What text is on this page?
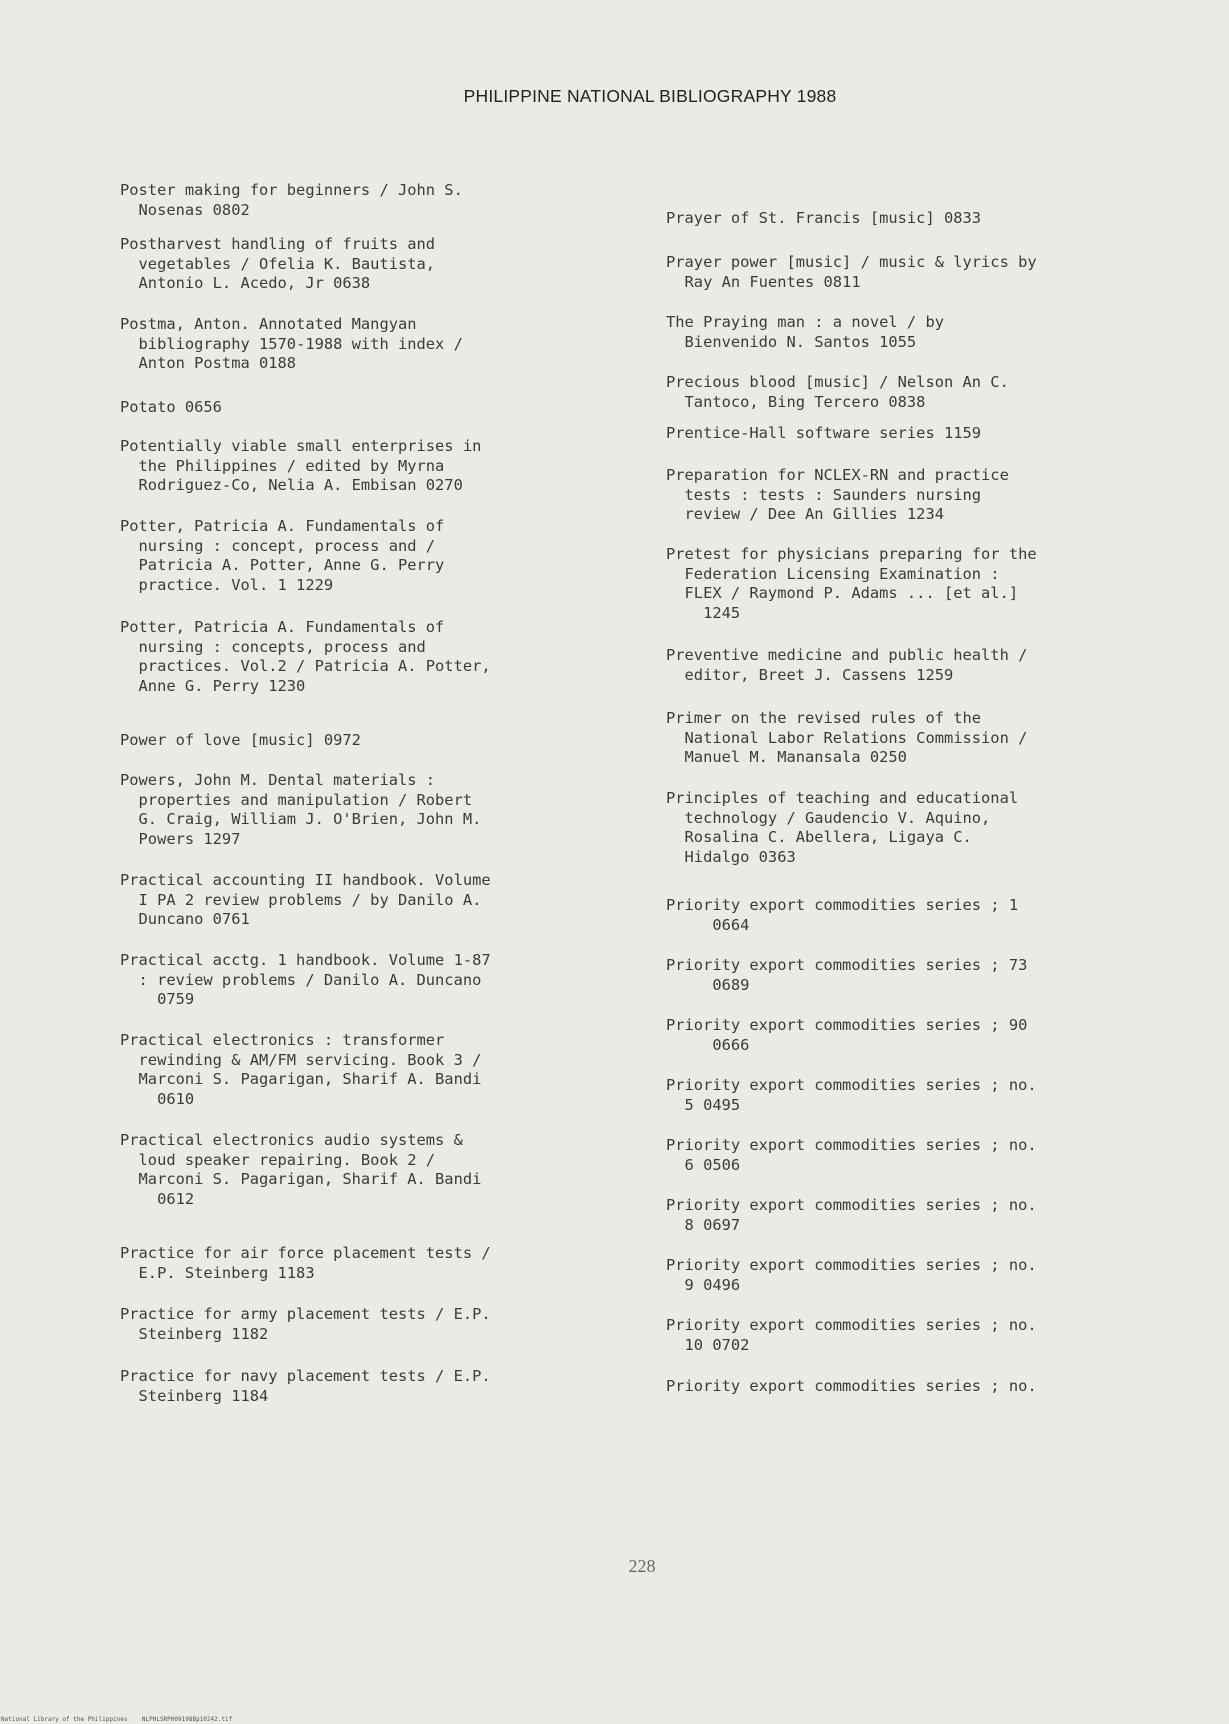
PHILIPPINE NATIONAL BIBLIOGRAPHY 1988
Poster making for beginners / John S.
Nosenas 0802
Postharvest handling of fruits and
vegetables / Ofelia K. Bautista,
Antonio L. Acedo, Jr 0638
Postma, Anton. Annotated Mangyan
bibliography 1570-1988 with index /
Anton Postma 0188
Potato 0656
Potentially viable small enterprises in
the Philippines / edited by Myrna
Rodriguez-Co, Nelia A. Embisan 0270
Potter, Patricia A. Fundamentals of
nursing : concept, process and /
Patricia A. Potter, Anne G. Perry
practice. Vol. 1 1229
Potter, Patricia A. Fundamentals of
nursing : concepts, process and
practices. Vol.2 / Patricia A. Potter,
Anne G. Perry 1230
Power of love [music] 0972
Powers, John M. Dental materials :
properties and manipulation / Robert
G. Craig, William J. O'Brien, John M.
Powers 1297
Practical accounting II handbook. Volume
I PA 2 review problems / by Danilo A.
Duncano 0761
Practical acctg. 1 handbook. Volume 1-87
: review problems / Danilo A. Duncano
0759
Practical electronics : transformer
rewinding & AM/FM servicing. Book 3 /
Marconi S. Pagarigan, Sharif A. Bandi
0610
Practical electronics audio systems &
loud speaker repairing. Book 2 /
Marconi S. Pagarigan, Sharif A. Bandi
0612
Practice for air force placement tests /
E.P. Steinberg 1183
Practice for army placement tests / E.P.
Steinberg 1182
Practice for navy placement tests / E.P.
Steinberg 1184
Prayer of St. Francis [music] 0833
Prayer power [music] / music & lyrics by
Ray An Fuentes 0811
The Praying man : a novel / by
Bienvenido N. Santos 1055
Precious blood [music] / Nelson An C.
Tantoco, Bing Tercero 0838
Prentice-Hall software series 1159
Preparation for NCLEX-RN and practice
tests : tests : Saunders nursing
review / Dee An Gillies 1234
Pretest for physicians preparing for the
Federation Licensing Examination :
FLEX / Raymond P. Adams ... [et al.]
1245
Preventive medicine and public health /
editor, Breet J. Cassens 1259
Primer on the revised rules of the
National Labor Relations Commission /
Manuel M. Manansala 0250
Principles of teaching and educational
technology / Gaudencio V. Aquino,
Rosalina C. Abellera, Ligaya C.
Hidalgo 0363
Priority export commodities series ; 1
0664
Priority export commodities series ; 73
0689
Priority export commodities series ; 90
0666
Priority export commodities series ; no.
5 0495
Priority export commodities series ; no.
6 0506
Priority export commodities series ; no.
8 0697
Priority export commodities series ; no.
9 0496
Priority export commodities series ; no.
10 0702
Priority export commodities series ; no.
228
National Library of the Philippines    NLPHLSRPH09198Bp10242.tif
